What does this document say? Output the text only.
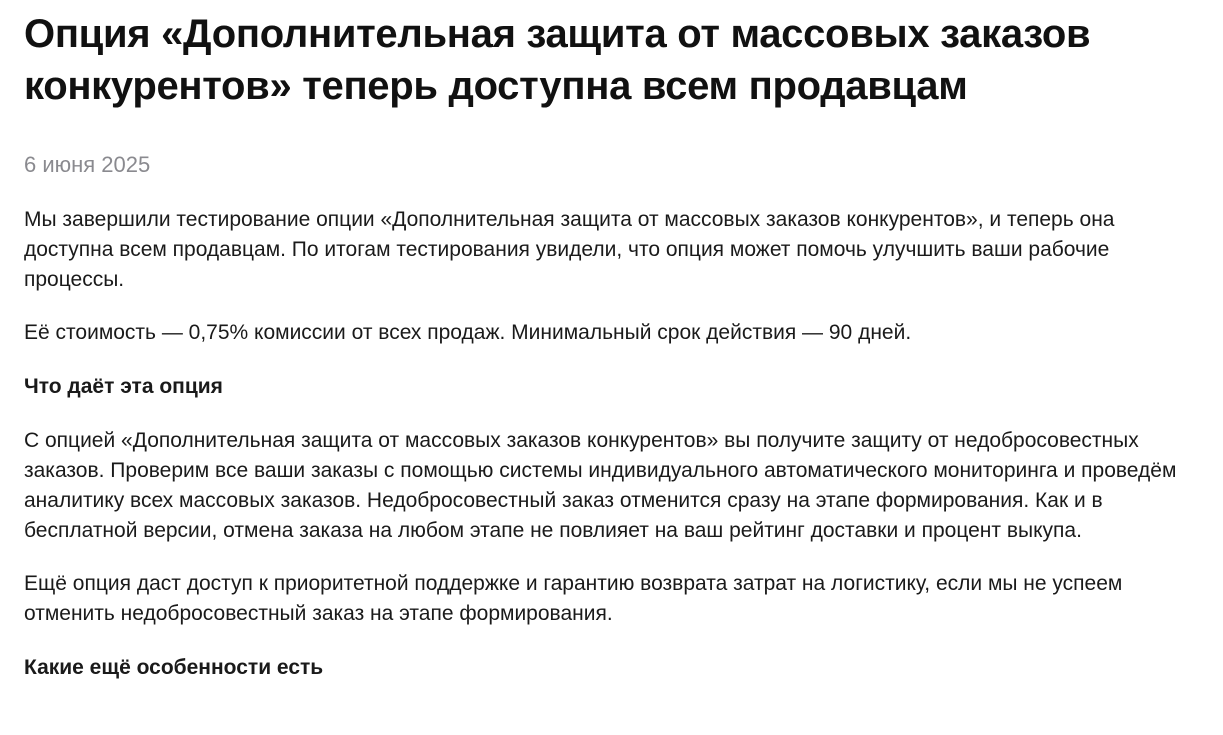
Опция «Дополнительная защита от массовых заказов конкурентов» теперь доступна всем продавцам
6 июня 2025

Мы завершили тестирование опции «Дополнительная защита от массовых заказов конкурентов», и теперь она доступна всем продавцам. По итогам тестирования увидели, что опция может помочь улучшить ваши рабочие процессы.

Её стоимость — 0,75% комиссии от всех продаж. Минимальный срок действия — 90 дней.

Что даёт эта опция

С опцией «Дополнительная защита от массовых заказов конкурентов» вы получите защиту от недобросовестных заказов. Проверим все ваши заказы с помощью системы индивидуального автоматического мониторинга и проведём аналитику всех массовых заказов. Недобросовестный заказ отменится сразу на этапе формирования. Как и в бесплатной версии, отмена заказа на любом этапе не повлияет на ваш рейтинг доставки и процент выкупа.

Ещё опция даст доступ к приоритетной поддержке и гарантию возврата затрат на логистику, если мы не успеем отменить недобросовестный заказ на этапе формирования.

Какие ещё особенности есть
